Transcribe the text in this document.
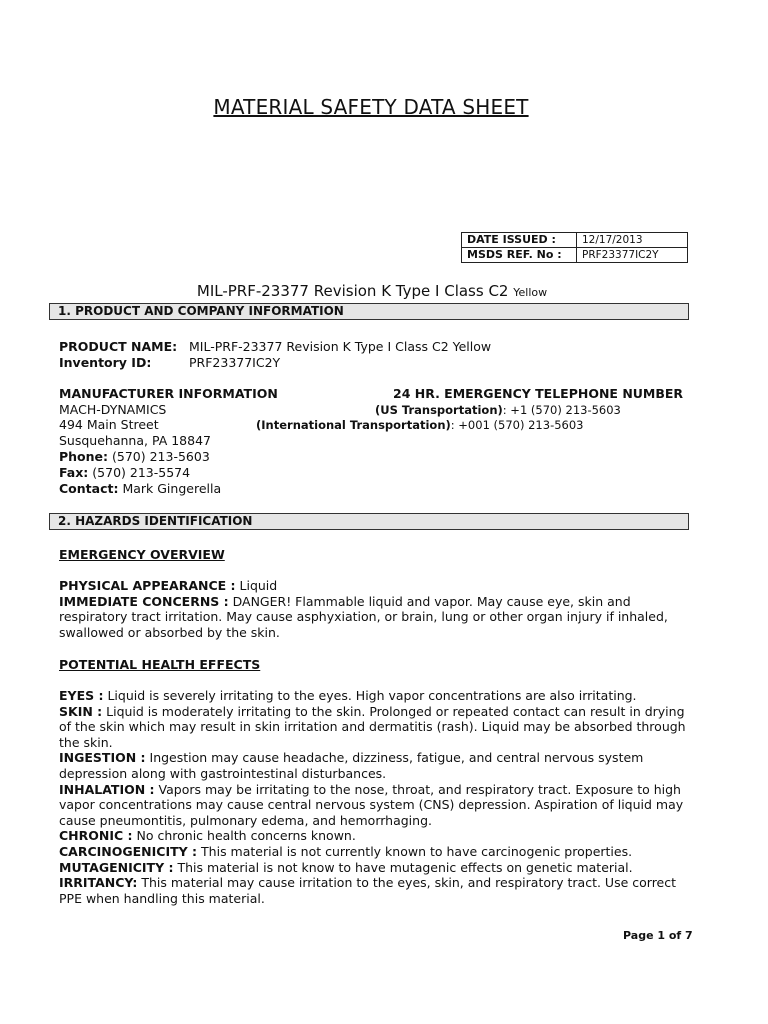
MATERIAL SAFETY DATA SHEET
DATE ISSUED :	12/17/2013
MSDS REF. No :	PRF23377IC2Y
MIL-PRF-23377 Revision K Type I Class C2 Yellow
1. PRODUCT AND COMPANY INFORMATION
PRODUCT NAME: MIL-PRF-23377 Revision K Type I Class C2 Yellow
Inventory ID:	PRF23377IC2Y
MANUFACTURER INFORMATION	24 HR. EMERGENCY TELEPHONE NUMBER
MACH-DYNAMICS	(US Transportation): +1 (570) 213-5603
494 Main Street	(International Transportation): +001 (570) 213-5603
Susquehanna, PA 18847
Phone: (570) 213-5603
Fax: (570) 213-5574
Contact: Mark Gingerella
2. HAZARDS IDENTIFICATION
EMERGENCY OVERVIEW
PHYSICAL APPEARANCE : Liquid
IMMEDIATE CONCERNS : DANGER! Flammable liquid and vapor. May cause eye, skin and respiratory tract irritation. May cause asphyxiation, or brain, lung or other organ injury if inhaled, swallowed or absorbed by the skin.
POTENTIAL HEALTH EFFECTS
EYES : Liquid is severely irritating to the eyes. High vapor concentrations are also irritating.
SKIN : Liquid is moderately irritating to the skin. Prolonged or repeated contact can result in drying of the skin which may result in skin irritation and dermatitis (rash). Liquid may be absorbed through the skin.
INGESTION : Ingestion may cause headache, dizziness, fatigue, and central nervous system depression along with gastrointestinal disturbances.
INHALATION : Vapors may be irritating to the nose, throat, and respiratory tract. Exposure to high vapor concentrations may cause central nervous system (CNS) depression. Aspiration of liquid may cause pneumontitis, pulmonary edema, and hemorrhaging.
CHRONIC : No chronic health concerns known.
CARCINOGENICITY : This material is not currently known to have carcinogenic properties.
MUTAGENICITY : This material is not know to have mutagenic effects on genetic material.
IRRITANCY: This material may cause irritation to the eyes, skin, and respiratory tract. Use correct PPE when handling this material.
Page 1 of 7
